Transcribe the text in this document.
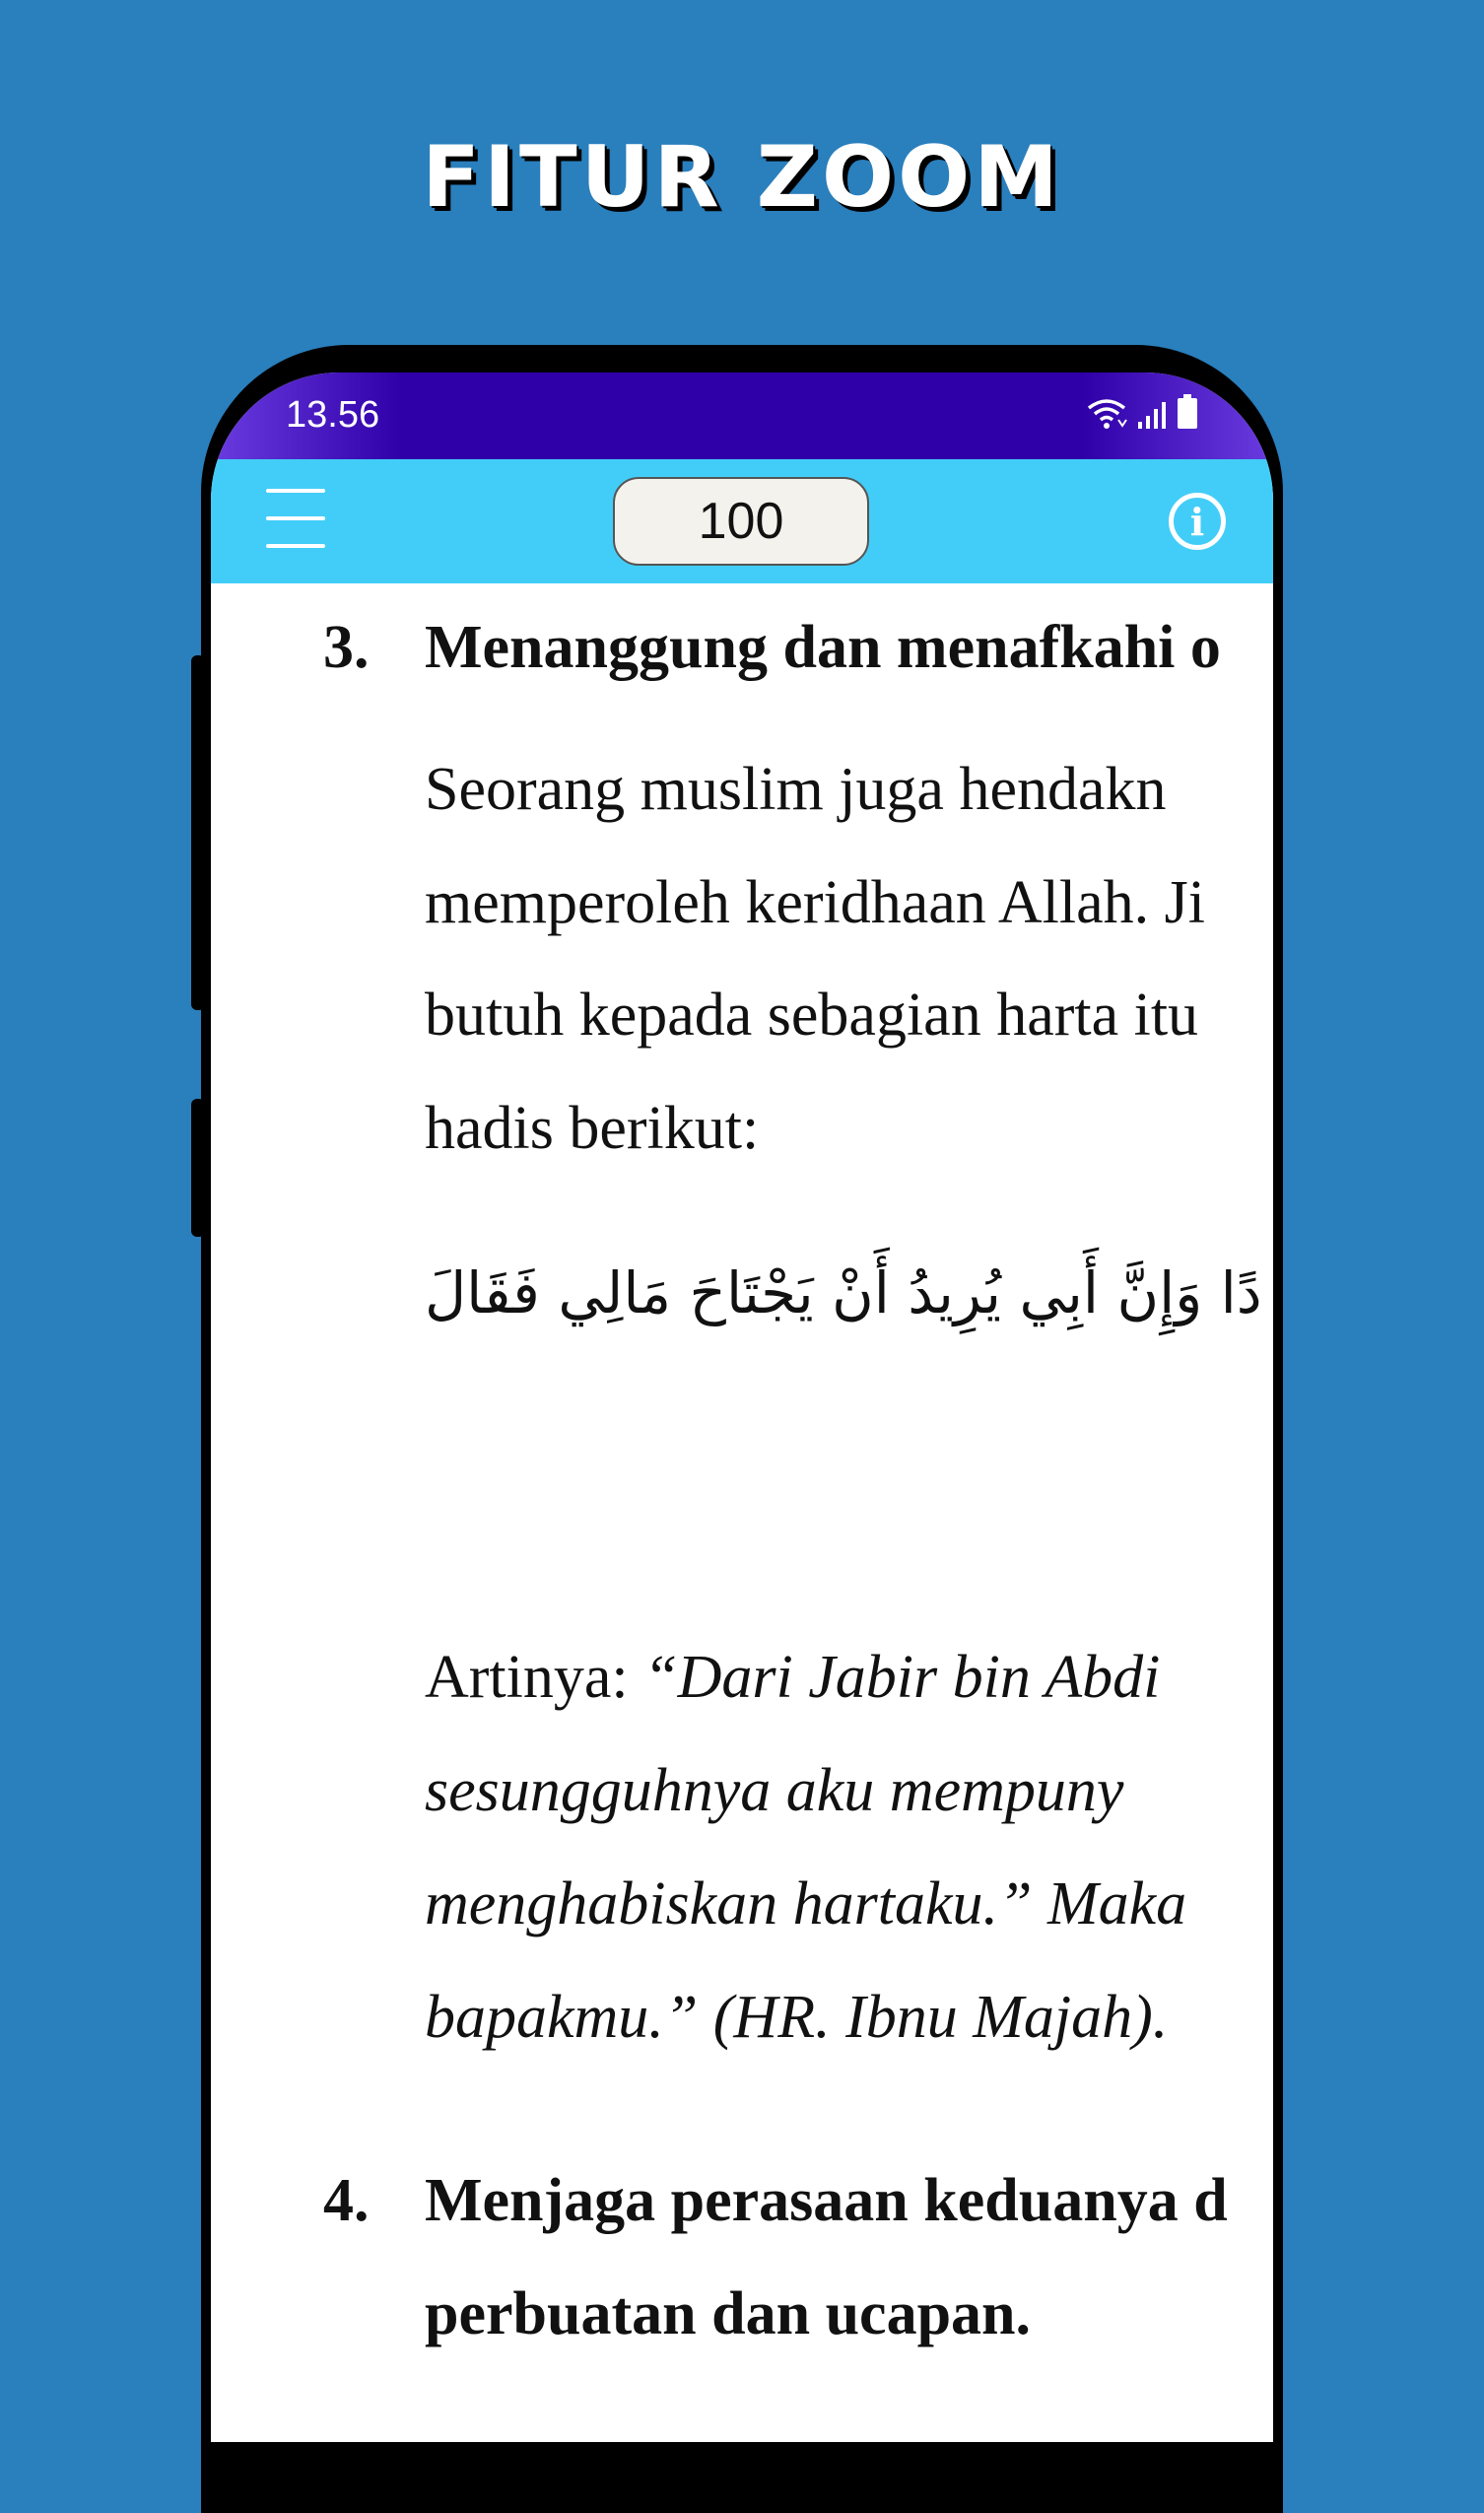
FITUR ZOOM
13.56
100	i
3. Menanggung dan menafkahi o
Seorang muslim juga hendakn
memperoleh keridhaan Allah. Ji
butuh kepada sebagian harta itu
hadis berikut:
دًا وَإِنَّ أَبِي يُرِيدُ أَنْ يَجْتَاحَ مَالِي فَقَالَ
Artinya: “Dari Jabir bin Abdi
sesungguhnya aku mempuny
menghabiskan hartaku.” Maka
bapakmu.” (HR. Ibnu Majah).
4. Menjaga perasaan keduanya d
perbuatan dan ucapan.
